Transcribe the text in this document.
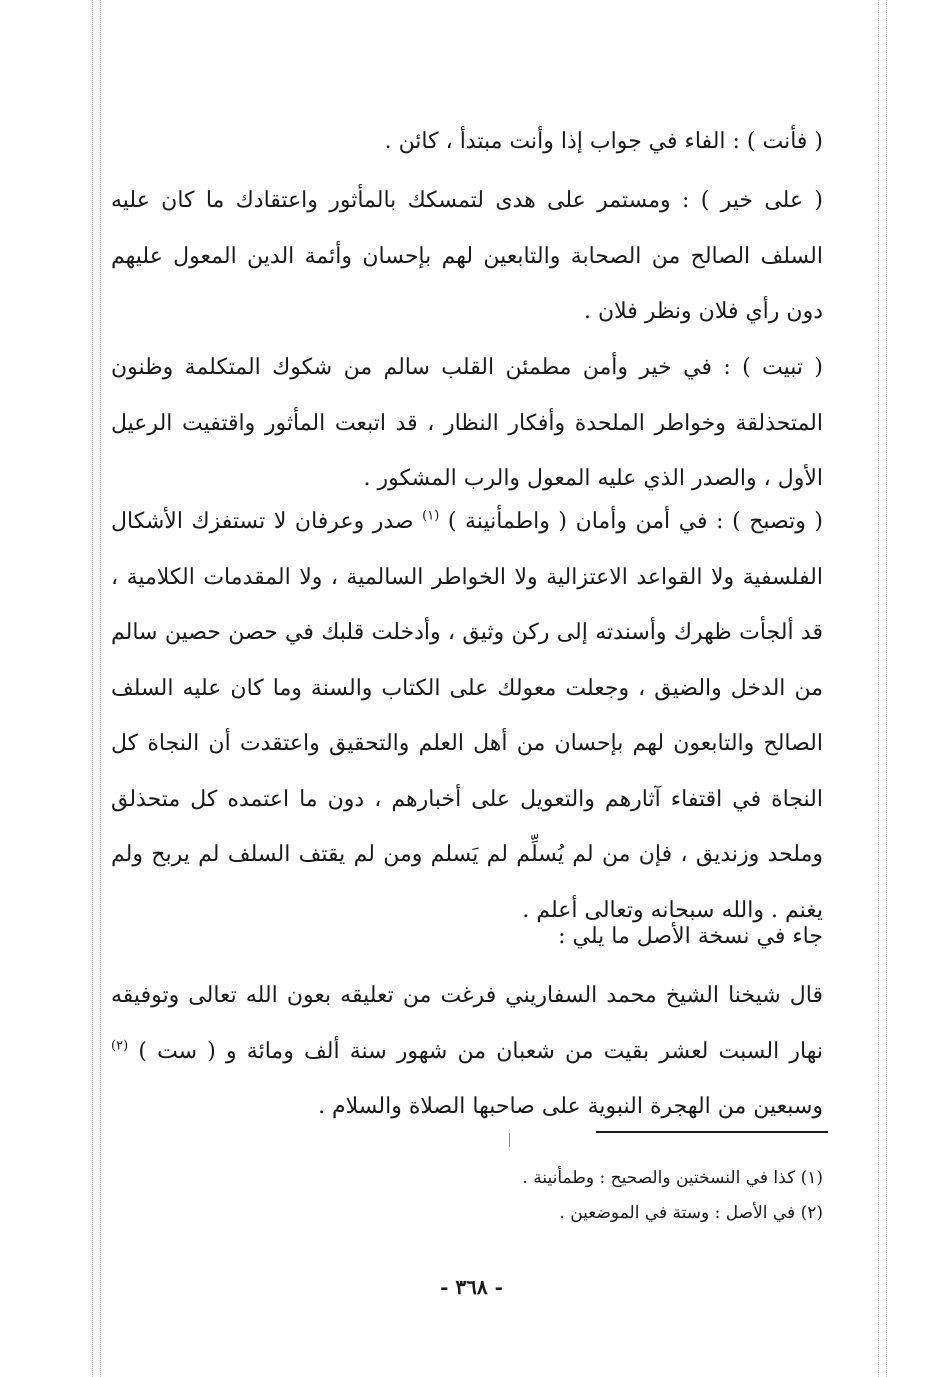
( فأنت ) : الفاء في جواب إذا وأنت مبتدأ ، كائن .

( على خير ) : ومستمر على هدى لتمسكك بالمأثور واعتقادك ما كان عليه السلف الصالح من الصحابة والتابعين لهم بإحسان وأئمة الدين المعول عليهم دون رأي فلان ونظر فلان .

( تبيت ) : في خير وأمن مطمئن القلب سالم من شكوك المتكلمة وظنون المتحذلقة وخواطر الملحدة وأفكار النظار ، قد اتبعت المأثور واقتفيت الرعيل الأول ، والصدر الذي عليه المعول والرب المشكور .

( وتصبح ) : في أمن وأمان ( واطمأنينة ) $^{(١)}$ صدر وعرفان لا تستفزك الأشكال الفلسفية ولا القواعد الاعتزالية ولا الخواطر السالمية ، ولا المقدمات الكلامية ، قد ألجأت ظهرك وأسندته إلى ركن وثيق ، وأدخلت قلبك في حصن حصين سالم من الدخل والضيق ، وجعلت معولك على الكتاب والسنة وما كان عليه السلف الصالح والتابعون لهم بإحسان من أهل العلم والتحقيق واعتقدت أن النجاة كل النجاة في اقتفاء آثارهم والتعويل على أخبارهم ، دون ما اعتمده كل متحذلق وملحد وزنديق ، فإن من لم يُسلِّم لم يَسلم ومن لم يقتف السلف لم يربح ولم يغنم . والله سبحانه وتعالى أعلم .

جاء في نسخة الأصل ما يلي :

قال شيخنا الشيخ محمد السفاريني فرغت من تعليقه بعون الله تعالى وتوفيقه نهار السبت لعشر بقيت من شعبان من شهور سنة ألف ومائة و ( ست ) $^{(٢)}$ وسبعين من الهجرة النبوية على صاحبها الصلاة والسلام .

(١) كذا في النسختين والصحيح : وطمأنينة .
(٢) في الأصل : وستة في الموضعين .
- ٣٦٨ -
